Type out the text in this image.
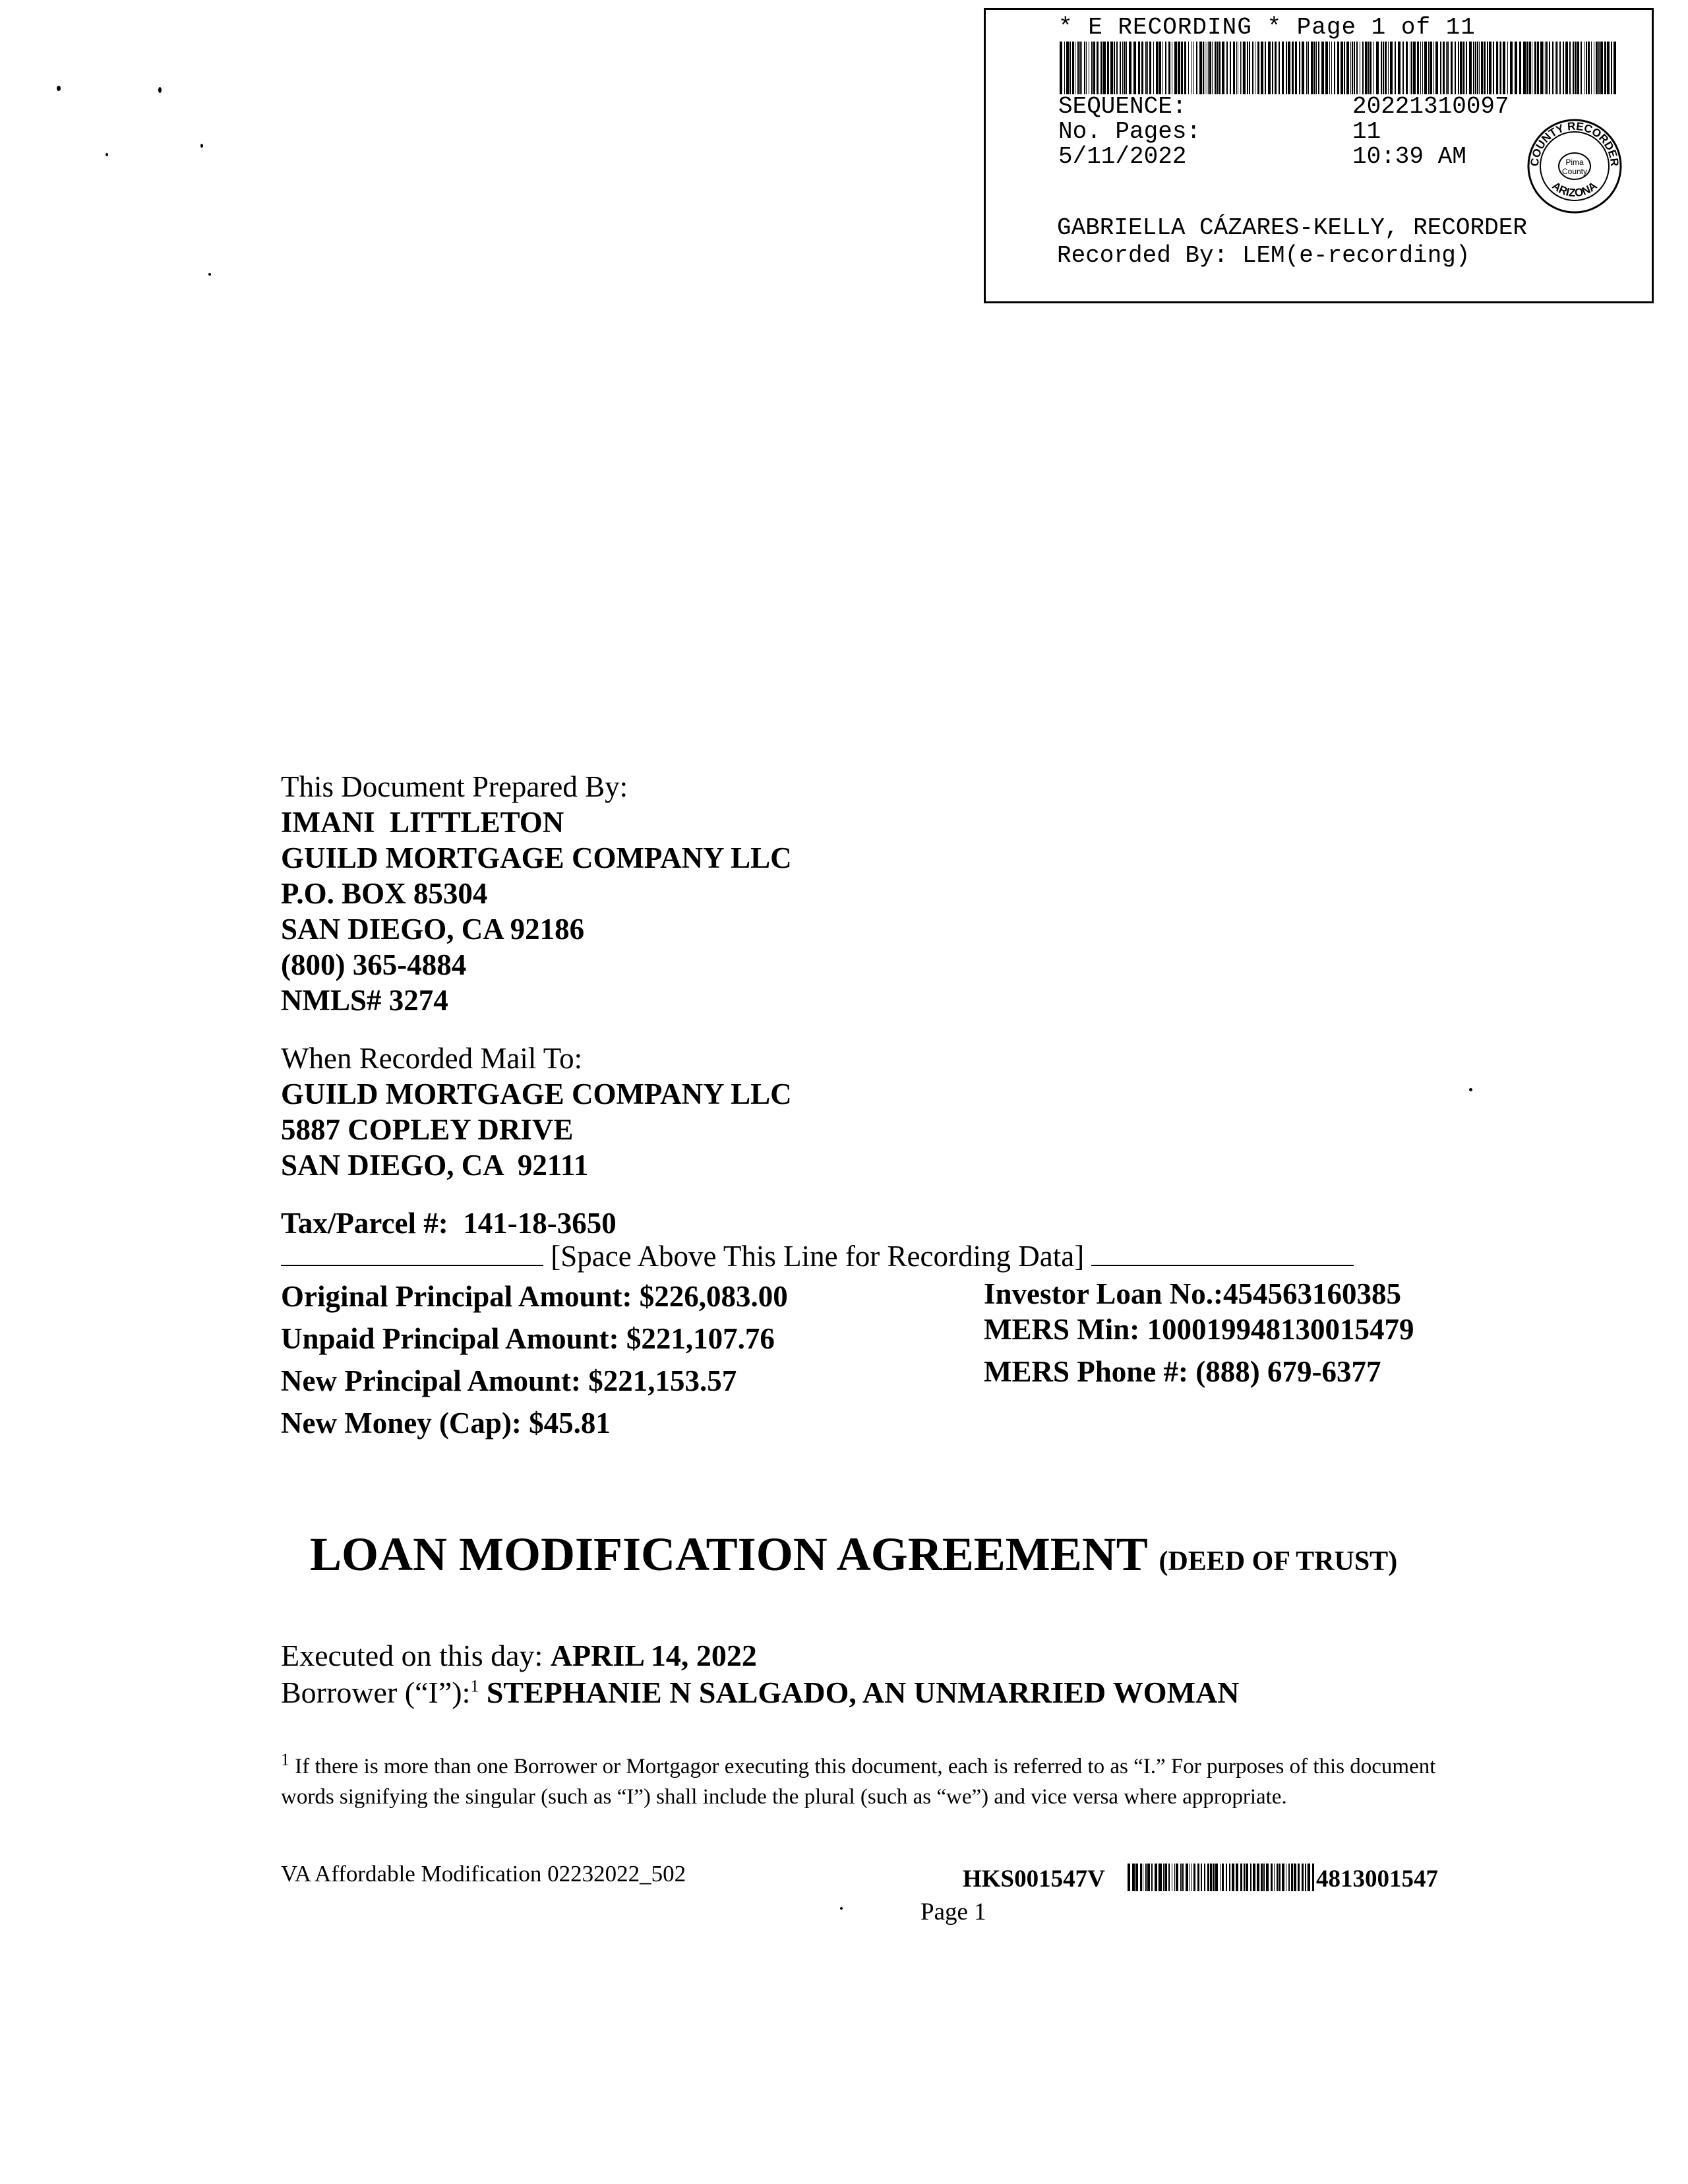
* E RECORDING * Page 1 of 11
SEQUENCE:	20221310097
No. Pages:	11
5/11/2022	10:39 AM	COUNTY RECORDER
ARIZONA
Pima
County
GABRIELLA CÁZARES-KELLY, RECORDER
Recorded By: LEM(e-recording)
This Document Prepared By:
IMANI  LITTLETON
GUILD MORTGAGE COMPANY LLC
P.O. BOX 85304
SAN DIEGO, CA 92186
(800) 365-4884
NMLS# 3274
When Recorded Mail To:
GUILD MORTGAGE COMPANY LLC
5887 COPLEY DRIVE
SAN DIEGO, CA  92111
Tax/Parcel #:  141-18-3650
[Space Above This Line for Recording Data]
Original Principal Amount: $226,083.00
Unpaid Principal Amount: $221,107.76
New Principal Amount: $221,153.57
New Money (Cap): $45.81
Investor Loan No.:454563160385
MERS Min: 100019948130015479
MERS Phone #: (888) 679-6377
LOAN MODIFICATION AGREEMENT (DEED OF TRUST)
Executed on this day: APRIL 14, 2022
Borrower (“I”):$^1$ STEPHANIE N SALGADO, AN UNMARRIED WOMAN
$^1$ If there is more than one Borrower or Mortgagor executing this document, each is referred to as “I.” For purposes of this document words signifying the singular (such as “I”) shall include the plural (such as “we”) and vice versa where appropriate.
VA Affordable Modification 02232022_502	HKS001547V	4813001547
Page 1
